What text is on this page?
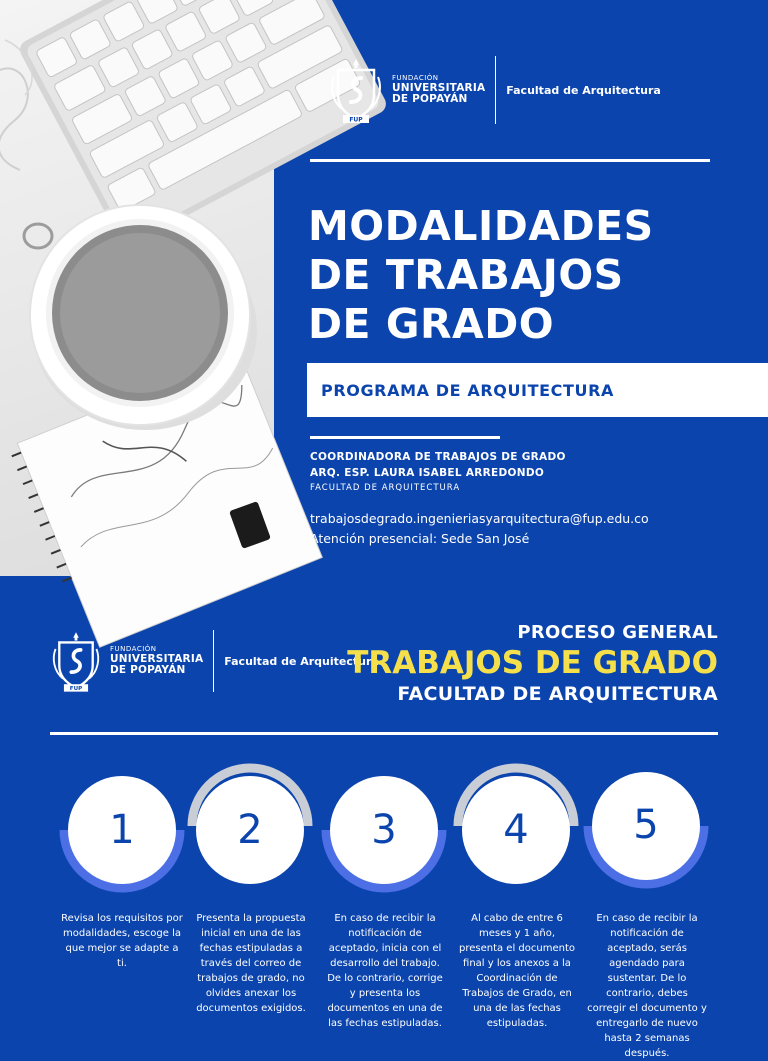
FUP
FUNDACIÓN
UNIVERSITARIA
DE POPAYÁN
Facultad de Arquitectura
MODALIDADES
DE TRABAJOS
DE GRADO
PROGRAMA DE ARQUITECTURA
COORDINADORA DE TRABAJOS DE GRADO
ARQ. ESP. LAURA ISABEL ARREDONDO
FACULTAD DE ARQUITECTURA
trabajosdegrado.ingenieriasyarquitectura@fup.edu.co
Atención presencial: Sede San José
FUP
FUNDACIÓN
UNIVERSITARIA
DE POPAYÁN
Facultad de Arquitectura
PROCESO GENERAL
TRABAJOS DE GRADO
FACULTAD DE ARQUITECTURA
1	2	3	4	5
Revisa los requisitos por modalidades, escoge la que mejor se adapte a ti.
Presenta la propuesta inicial en una de las fechas estipuladas a través del correo de trabajos de grado, no olvides anexar los documentos exigidos.
En caso de recibir la notificación de aceptado, inicia con el desarrollo del trabajo. De lo contrario, corrige y presenta los documentos en una de las fechas estipuladas.
Al cabo de entre 6 meses y 1 año, presenta el documento final y los anexos a la Coordinación de Trabajos de Grado, en una de las fechas estipuladas.
En caso de recibir la notificación de aceptado, serás agendado para sustentar. De lo contrario, debes corregir el documento y entregarlo de nuevo hasta 2 semanas después.
